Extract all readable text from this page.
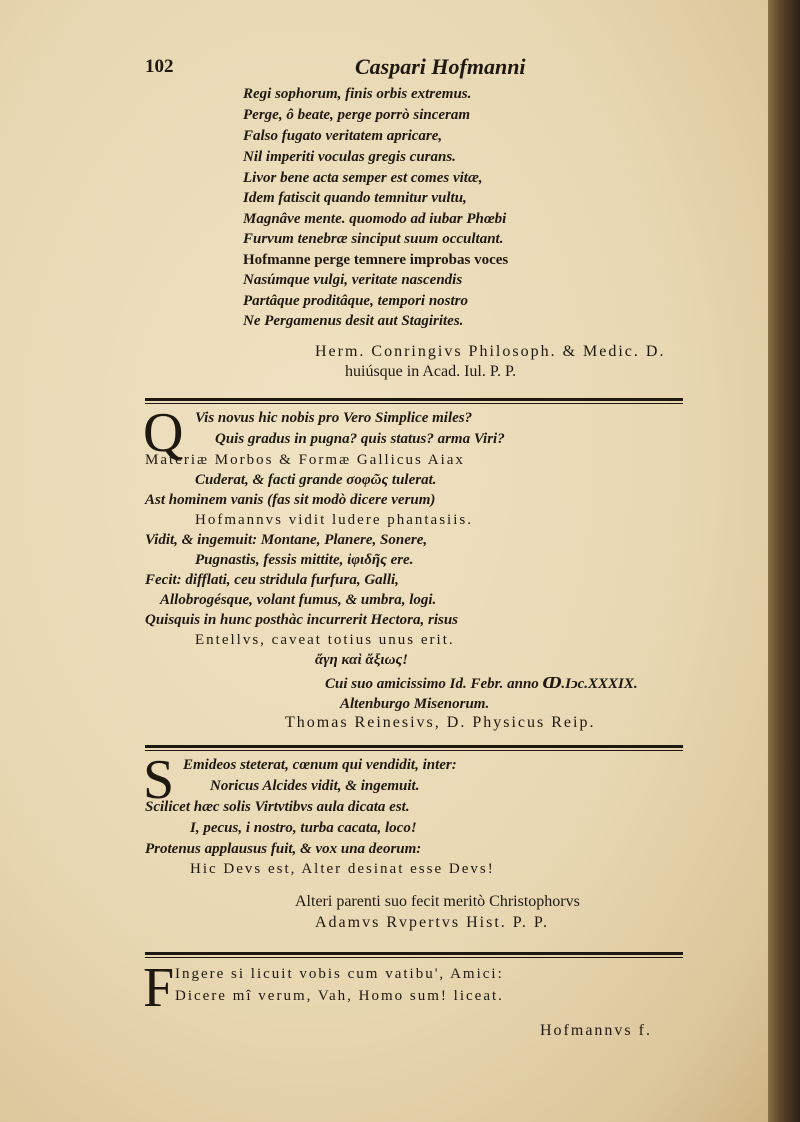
102	Caspari Hofmanni
Regi sophorum, finis orbis extremus.
Perge, ô beate, perge porrò sinceram
Falso fugato veritatem apricare,
Nil imperiti voculas gregis curans.
Livor bene acta semper est comes vitæ,
Idem fatiscit quando temnitur vultu,
Magnâve mente. quomodo ad iubar Phœbi
Furvum tenebræ sinciput suum occultant.
Hofmanne perge temnere improbas voces
Nasúmque vulgi, veritate nascendis
Partâque proditâque, tempori nostro
Ne Pergamenus desit aut Stagirites.
Herm. Conringivs Philosoph. & Medic. D.
huiúsque in Acad. Iul. P. P.
Q Vis novus hic nobis pro Vero Simplice miles?
Quis gradus in pugna? quis status? arma Viri?
Materiæ Morbos & Formæ Gallicus Aiax
Cuderat, & facti grande σοφῶς tulerat.
Ast hominem vanis (fas sit modò dicere verum)
Hofmannvs vidit ludere phantasiis.
Vidit, & ingemuit: Montane, Planere, Sonere,
Pugnastis, fessis mittite, ἰφιδῆς ere.
Fecit: difflati, ceu stridula furfura, Galli,
Allobrogésque, volant fumus, & umbra, logi.
Quisquis in hunc posthàc incurrerit Hectora, risus
Entellvs, caveat totius unus erit.
ἄγη καὶ ἄξιως!
Cui suo amicissimo Id. Febr. anno ↀ.Iↄc.XXXIX.
Altenburgo Misenorum.
Thomas Reinesivs, D. Physicus Reip.
S Emideos steterat, cœnum qui vendidit, inter:
Noricus Alcides vidit, & ingemuit.
Scilicet hæc solis Virtvtibvs aula dicata est.
I, pecus, i nostro, turba cacata, loco!
Protenus applausus fuit, & vox una deorum:
Hic Devs est, Alter desinat esse Devs!
Alteri parenti suo fecit meritò Christophorvs
Adamvs Rvpertvs Hist. P. P.
F Ingere si licuit vobis cum vatibu', Amici:
Dicere mî verum, Vah, Homo sum! liceat.
Hofmannvs f.
